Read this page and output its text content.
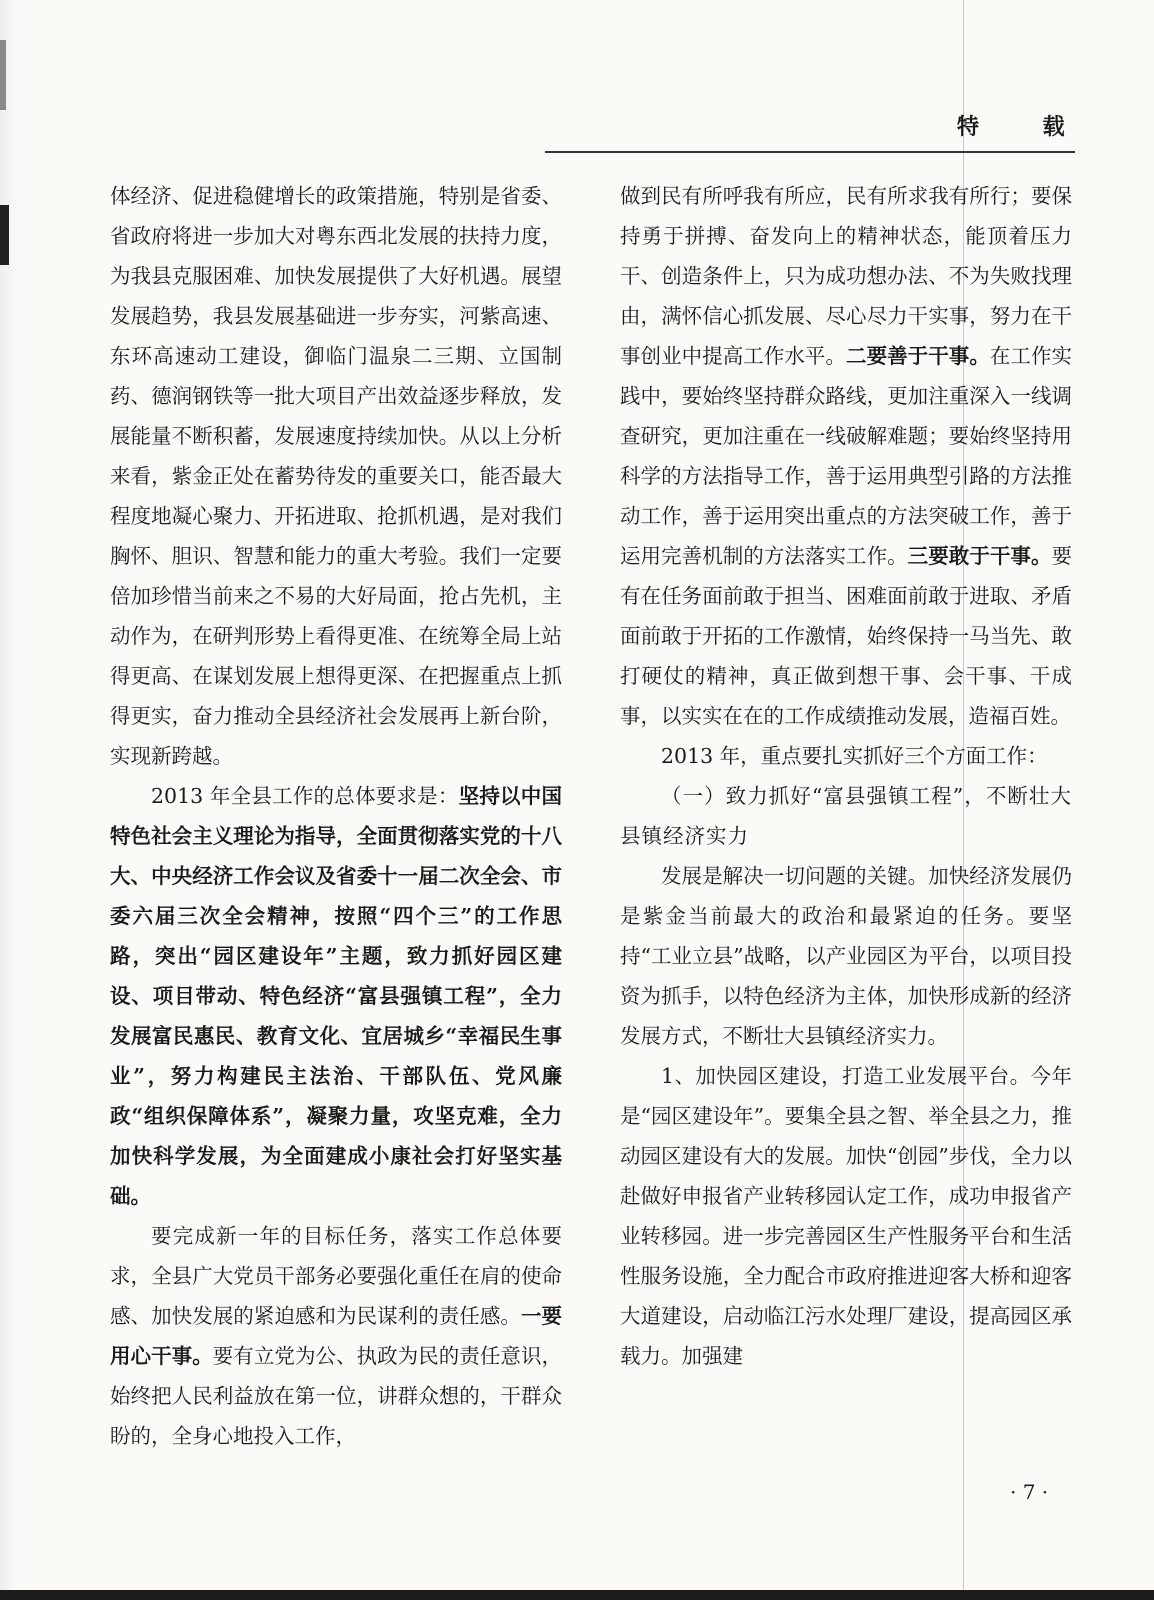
特 载

体经济、促进稳健增长的政策措施，特别是省委、省政府将进一步加大对粤东西北发展的扶持力度，为我县克服困难、加快发展提供了大好机遇。展望发展趋势，我县发展基础进一步夯实，河紫高速、东环高速动工建设，御临门温泉二三期、立国制药、德润钢铁等一批大项目产出效益逐步释放，发展能量不断积蓄，发展速度持续加快。从以上分析来看，紫金正处在蓄势待发的重要关口，能否最大程度地凝心聚力、开拓进取、抢抓机遇，是对我们胸怀、胆识、智慧和能力的重大考验。我们一定要倍加珍惜当前来之不易的大好局面，抢占先机，主动作为，在研判形势上看得更准、在统筹全局上站得更高、在谋划发展上想得更深、在把握重点上抓得更实，奋力推动全县经济社会发展再上新台阶，实现新跨越。

2013 年全县工作的总体要求是：坚持以中国特色社会主义理论为指导，全面贯彻落实党的十八大、中央经济工作会议及省委十一届二次全会、市委六届三次全会精神，按照“四个三”的工作思路，突出“园区建设年”主题，致力抓好园区建设、项目带动、特色经济“富县强镇工程”，全力发展富民惠民、教育文化、宜居城乡“幸福民生事业”，努力构建民主法治、干部队伍、党风廉政“组织保障体系”，凝聚力量，攻坚克难，全力加快科学发展，为全面建成小康社会打好坚实基础。

要完成新一年的目标任务，落实工作总体要求，全县广大党员干部务必要强化重任在肩的使命感、加快发展的紧迫感和为民谋利的责任感。一要用心干事。要有立党为公、执政为民的责任意识，始终把人民利益放在第一位，讲群众想的，干群众盼的，全身心地投入工作，

做到民有所呼我有所应，民有所求我有所行；要保持勇于拼搏、奋发向上的精神状态，能顶着压力干、创造条件上，只为成功想办法、不为失败找理由，满怀信心抓发展、尽心尽力干实事，努力在干事创业中提高工作水平。二要善于干事。在工作实践中，要始终坚持群众路线，更加注重深入一线调查研究，更加注重在一线破解难题；要始终坚持用科学的方法指导工作，善于运用典型引路的方法推动工作，善于运用突出重点的方法突破工作，善于运用完善机制的方法落实工作。三要敢于干事。要有在任务面前敢于担当、困难面前敢于进取、矛盾面前敢于开拓的工作激情，始终保持一马当先、敢打硬仗的精神，真正做到想干事、会干事、干成事，以实实在在的工作成绩推动发展，造福百姓。

2013 年，重点要扎实抓好三个方面工作：

（一）致力抓好“富县强镇工程”，不断壮大县镇经济实力

发展是解决一切问题的关键。加快经济发展仍是紫金当前最大的政治和最紧迫的任务。要坚持“工业立县”战略，以产业园区为平台，以项目投资为抓手，以特色经济为主体，加快形成新的经济发展方式，不断壮大县镇经济实力。

1、加快园区建设，打造工业发展平台。今年是“园区建设年”。要集全县之智、举全县之力，推动园区建设有大的发展。加快“创园”步伐，全力以赴做好申报省产业转移园认定工作，成功申报省产业转移园。进一步完善园区生产性服务平台和生活性服务设施，全力配合市政府推进迎客大桥和迎客大道建设，启动临江污水处理厂建设，提高园区承载力。加强建

· 7 ·
